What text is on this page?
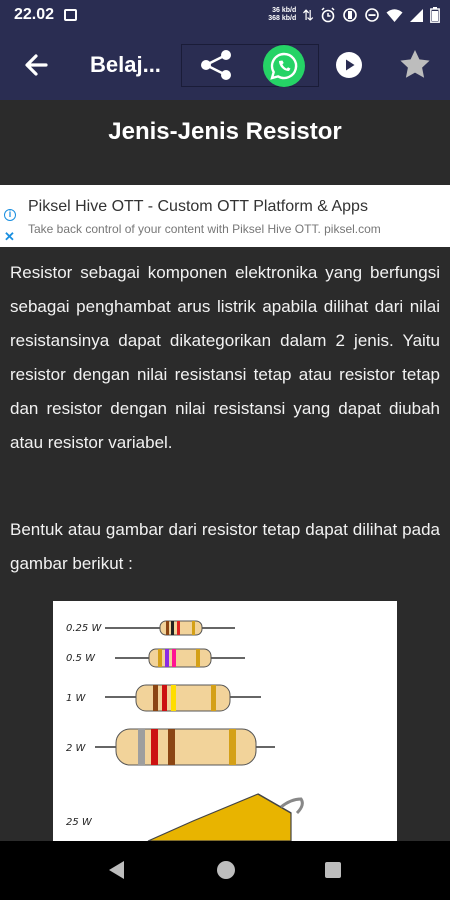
22.02	36 kb/d
368 kb/d ⇅
Belaj...
Jenis-Jenis Resistor
i
✕
Piksel Hive OTT - Custom OTT Platform & Apps
Take back control of your content with Piksel Hive OTT. piksel.com

Resistor sebagai komponen elektronika yang berfungsi sebagai penghambat arus listrik apabila dilihat dari nilai resistansinya dapat dikategorikan dalam 2 jenis. Yaitu resistor dengan nilai resistansi tetap atau resistor tetap dan resistor dengan nilai resistansi yang dapat diubah atau resistor variabel.

Bentuk atau gambar dari resistor tetap dapat dilihat pada gambar berikut :

0.25 W
0.5 W
1 W
2 W
25 W
